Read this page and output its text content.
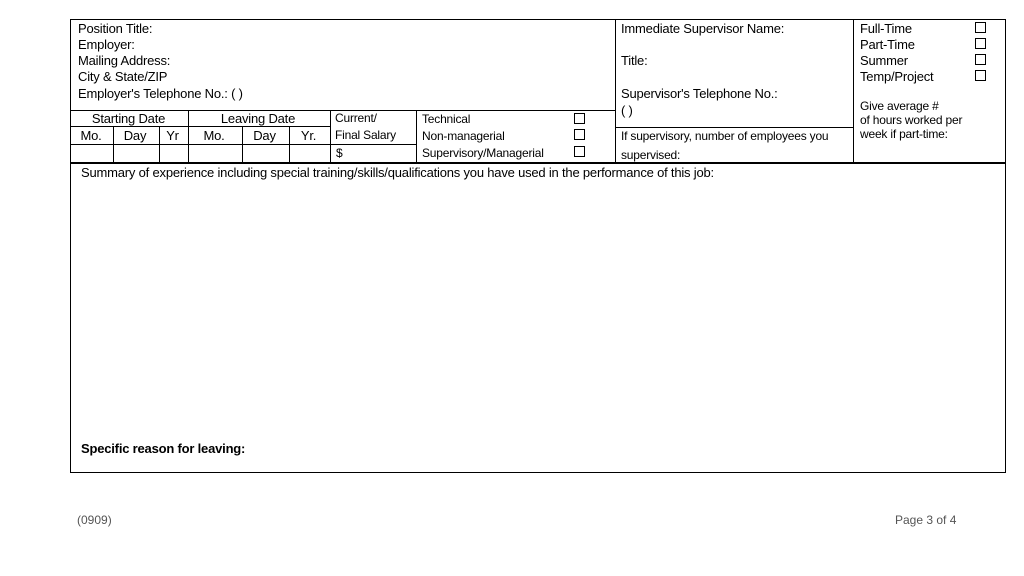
Position Title:
Employer:
Mailing Address:
City & State/ZIP
Employer's Telephone No.: ( )
Starting Date	Leaving Date
Mo.	Day	Yr	Mo.	Day	Yr.
Current/
Final Salary
$
Technical
Non-managerial
Supervisory/Managerial
Immediate Supervisor Name:
Title:
Supervisor's Telephone No.:
( )
If supervisory, number of employees you
supervised:
Full-Time
Part-Time
Summer
Temp/Project
Give average #
of hours worked per
week if part-time:
Summary of experience including special training/skills/qualifications you have used in the performance of this job:
Specific reason for leaving:
(0909)	Page 3 of 4
